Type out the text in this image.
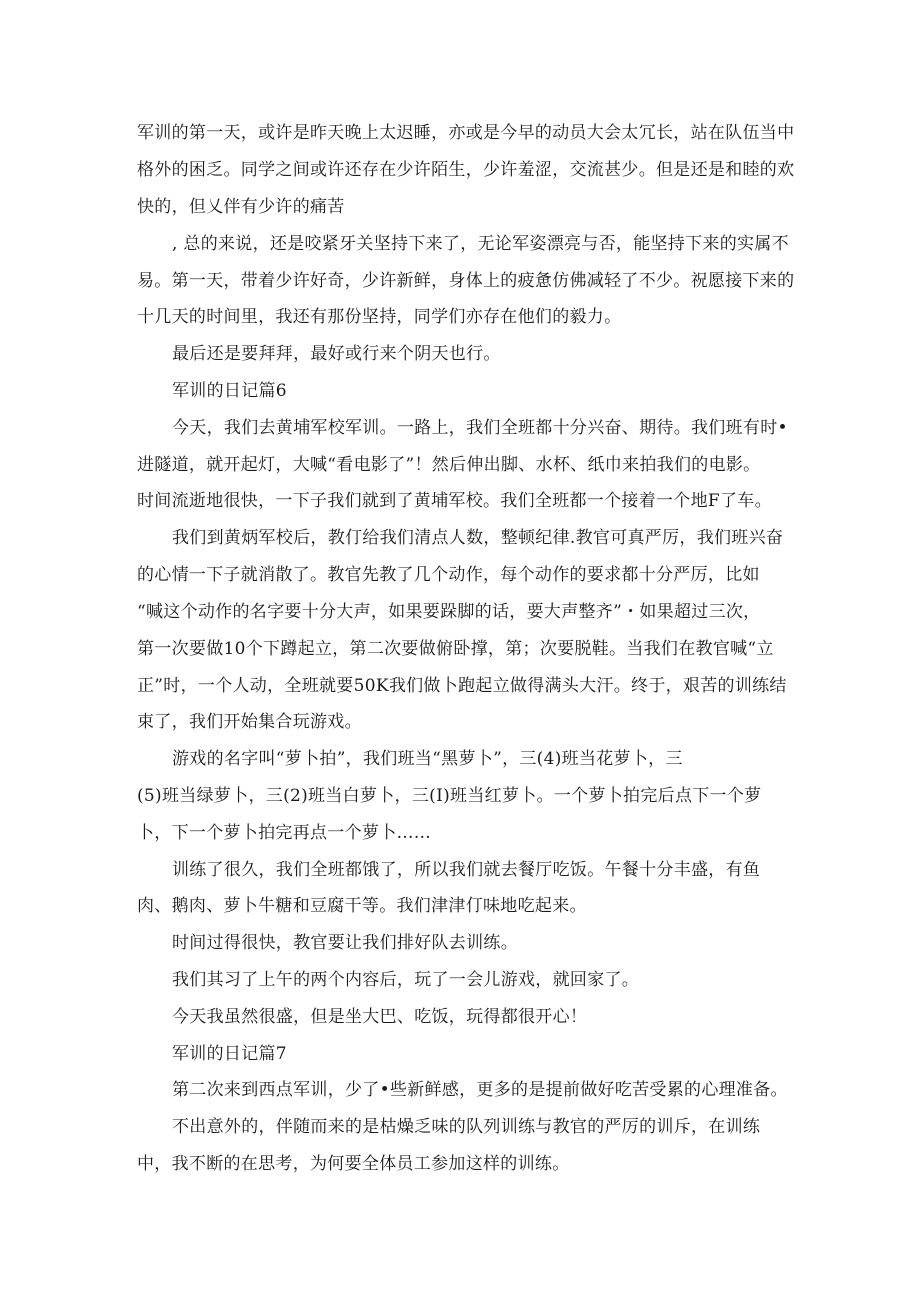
军训的第一天，或许是昨天晚上太迟睡，亦或是今早的动员大会太冗长，站在队伍当中
格外的困乏。同学之间或许还存在少许陌生，少许羞涩，交流甚少。但是还是和睦的欢
快的，但乂伴有少许的痛苦
, 总的来说，还是咬紧牙关坚持下来了，无论军姿漂亮与否，能坚持下来的实属不
易。第一天，带着少许好奇，少许新鲜，身体上的疲惫仿佛减轻了不少。祝愿接下来的
十几天的时间里，我还有那份坚持，同学们亦存在他们的毅力。
最后还是要拜拜，最好或行来个阴天也行。
军训的日记篇6
今天，我们去黄埔军校军训。一路上，我们全班都十分兴奋、期待。我们班有时•
进隧道，就开起灯，大喊“看电影了”！然后伸出脚、水杯、纸巾来拍我们的电影。
时间流逝地很快，一下子我们就到了黄埔军校。我们全班都一个接着一个地F了车。
我们到黄炳军校后，教仃给我们清点人数，整顿纪律.教官可真严厉，我们班兴奋
的心情一下子就消散了。教官先教了几个动作，每个动作的要求都十分严厉，比如
“喊这个动作的名字要十分大声，如果要跺脚的话，要大声整齐”・如果超过三次，
第一次要做10个下蹲起立，第二次要做俯卧撑，第；次要脱鞋。当我们在教官喊“立
正”时，一个人动，全班就要50K我们做卜跑起立做得满头大汗。终于，艰苦的训练结
束了，我们开始集合玩游戏。
游戏的名字叫“萝卜拍”，我们班当“黑萝卜”，三(4)班当花萝卜，三
(5)班当绿萝卜，三(2)班当白萝卜，三(I)班当红萝卜。一个萝卜拍完后点下一个萝
卜，下一个萝卜拍完再点一个萝卜……
训练了很久，我们全班都饿了，所以我们就去餐厅吃饭。午餐十分丰盛，有鱼
肉、鹅肉、萝卜牛糖和豆腐干等。我们津津仃味地吃起来。
时间过得很快，教官要让我们排好队去训练。
我们其习了上午的两个内容后，玩了一会儿游戏，就回家了。
今天我虽然很盛，但是坐大巴、吃饭，玩得都很开心！
军训的日记篇7
第二次来到西点军训，少了•些新鲜感，更多的是提前做好吃苦受累的心理准备。
不出意外的，伴随而来的是枯燥乏味的队列训练与教官的严厉的训斥，在训练
中，我不断的在思考，为何要全体员工参加这样的训练。
